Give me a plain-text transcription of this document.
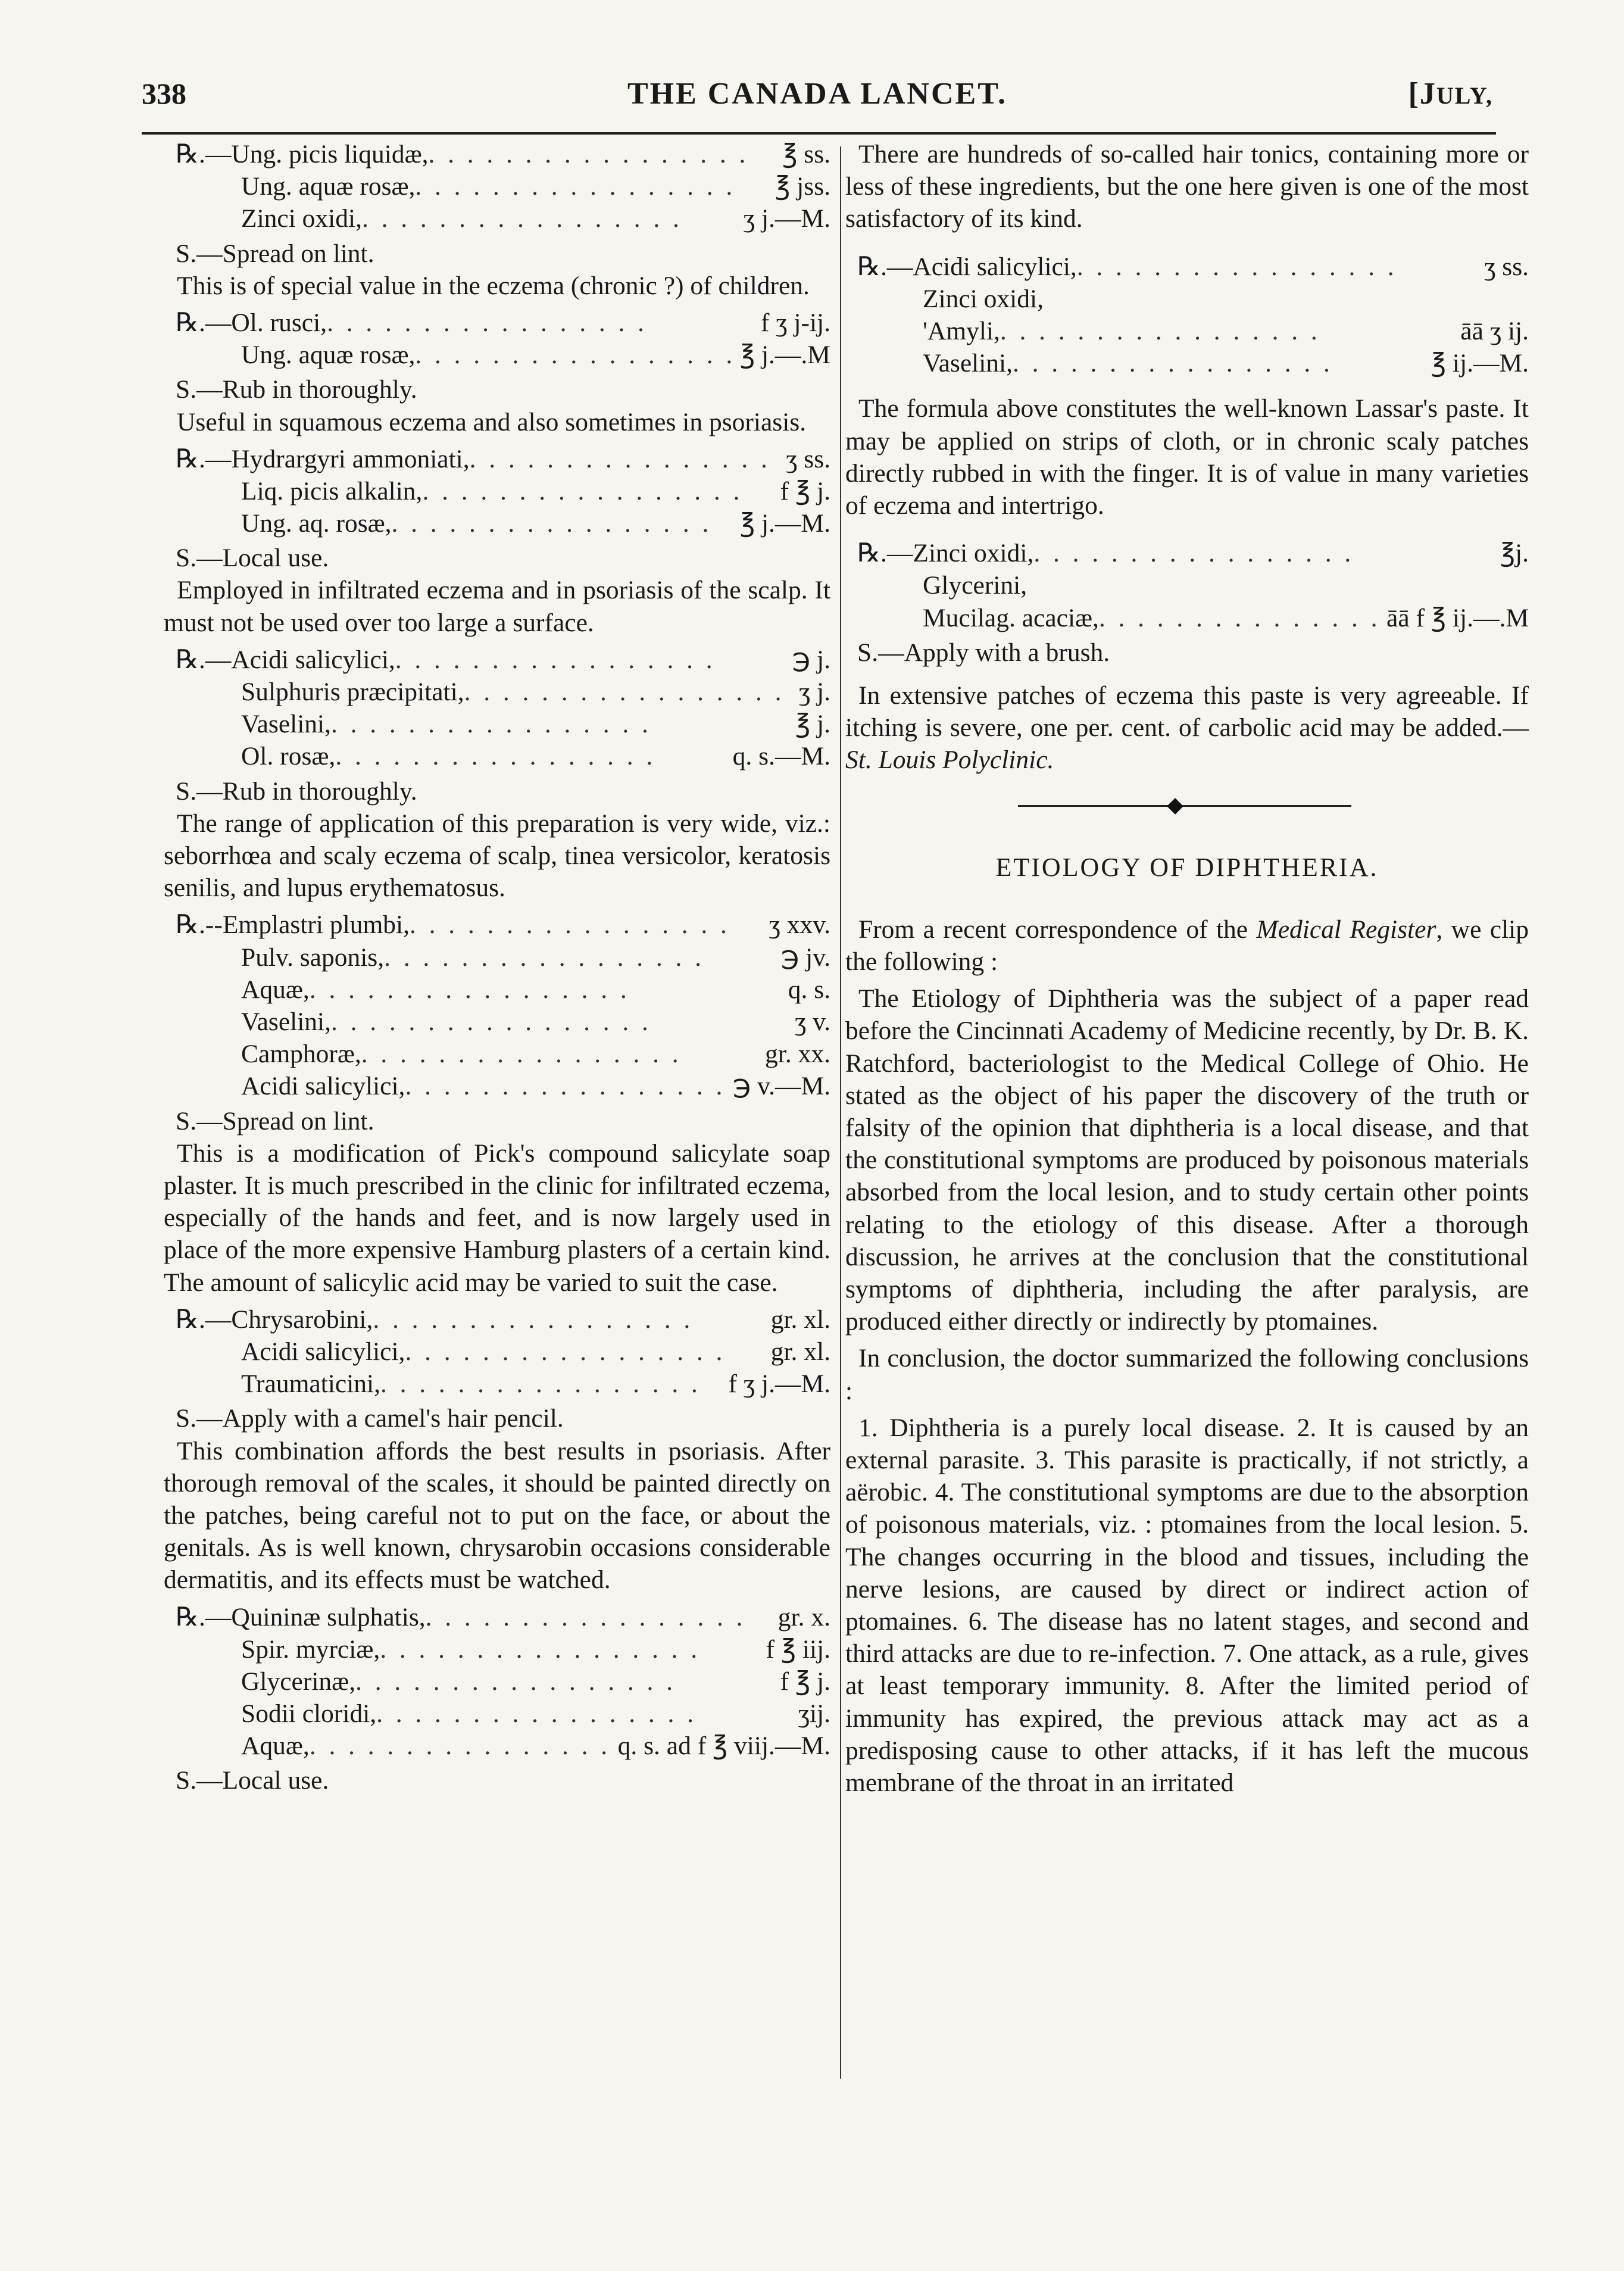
338	THE CANADA LANCET.	[JULY,
℞.—Ung. picis liquidæ, .  .	℥ ss.
Ung. aquæ rosæ, .  .	℥ jss.
Zinci oxidi, .  .	ʒ j.—M.
S.—Spread on lint.

This is of special value in the eczema (chronic ?) of children.

℞.—Ol. rusci, .  .	f ʒ j-ij.
Ung. aquæ rosæ, .  .	℥ j.—.M
S.—Rub in thoroughly.

Useful in squamous eczema and also sometimes in psoriasis.

℞.—Hydrargyri ammoniati, .  .	ʒ ss.
Liq. picis alkalin, .  .	f ℥ j.
Ung. aq. rosæ, .  .	℥ j.—M.
S.—Local use.

Employed in infiltrated eczema and in psoriasis of the scalp. It must not be used over too large a surface.

℞.—Acidi salicylici, .  .	℈ j.
Sulphuris præcipitati, .  .	ʒ j.
Vaselini, .  .	℥ j.
Ol. rosæ, .  .	q. s.—M.
S.—Rub in thoroughly.

The range of application of this preparation is very wide, viz.: seborrhœa and scaly eczema of scalp, tinea versicolor, keratosis senilis, and lupus erythematosus.

℞.--Emplastri plumbi, .  .	ʒ xxv.
Pulv. saponis, .  .	℈ jv.
Aquæ, .  .	q. s.
Vaselini, .  .	ʒ v.
Camphoræ, .  .	gr. xx.
Acidi salicylici, .  .	℈ v.—M.
S.—Spread on lint.

This is a modification of Pick's compound salicylate soap plaster. It is much prescribed in the clinic for infiltrated eczema, especially of the hands and feet, and is now largely used in place of the more expensive Hamburg plasters of a certain kind. The amount of salicylic acid may be varied to suit the case.

℞.—Chrysarobini, .  .	gr. xl.
Acidi salicylici, .  .	gr. xl.
Traumaticini, .  .	f ʒ j.—M.
S.—Apply with a camel's hair pencil.

This combination affords the best results in psoriasis. After thorough removal of the scales, it should be painted directly on the patches, being careful not to put on the face, or about the genitals. As is well known, chrysarobin occasions considerable dermatitis, and its effects must be watched.

℞.—Quininæ sulphatis, .  .	gr. x.
Spir. myrciæ, .  .	f ℥ iij.
Glycerinæ, .  .	f ℥ j.
Sodii cloridi, .  .	ʒij.
Aquæ, .  .	q. s. ad f ℥ viij.—M.
S.—Local use.

There are hundreds of so-called hair tonics, containing more or less of these ingredients, but the one here given is one of the most satisfactory of its kind.

℞.—Acidi salicylici, .  .	ʒ ss.
Zinci oxidi,
'Amyli, .  .	āā ʒ ij.
Vaselini, .  .	℥ ij.—M.

The formula above constitutes the well-known Lassar's paste. It may be applied on strips of cloth, or in chronic scaly patches directly rubbed in with the finger. It is of value in many varieties of eczema and intertrigo.

℞.—Zinci oxidi, .  .	℥j.
Glycerini,
Mucilag. acaciæ, .  .	āā f ℥ ij.—.M
S.—Apply with a brush.

In extensive patches of eczema this paste is very agreeable. If itching is severe, one per. cent. of carbolic acid may be added.—St. Louis Polyclinic.

ETIOLOGY OF DIPHTHERIA.

From a recent correspondence of the Medical Register, we clip the following :

The Etiology of Diphtheria was the subject of a paper read before the Cincinnati Academy of Medicine recently, by Dr. B. K. Ratchford, bacteriologist to the Medical College of Ohio. He stated as the object of his paper the discovery of the truth or falsity of the opinion that diphtheria is a local disease, and that the constitutional symptoms are produced by poisonous materials absorbed from the local lesion, and to study certain other points relating to the etiology of this disease. After a thorough discussion, he arrives at the conclusion that the constitutional symptoms of diphtheria, including the after paralysis, are produced either directly or indirectly by ptomaines.

In conclusion, the doctor summarized the following conclusions :

1. Diphtheria is a purely local disease. 2. It is caused by an external parasite. 3. This parasite is practically, if not strictly, a aërobic. 4. The constitutional symptoms are due to the absorption of poisonous materials, viz. : ptomaines from the local lesion. 5. The changes occurring in the blood and tissues, including the nerve lesions, are caused by direct or indirect action of ptomaines. 6. The disease has no latent stages, and second and third attacks are due to re-infection. 7. One attack, as a rule, gives at least temporary immunity. 8. After the limited period of immunity has expired, the previous attack may act as a predisposing cause to other attacks, if it has left the mucous membrane of the throat in an irritated
